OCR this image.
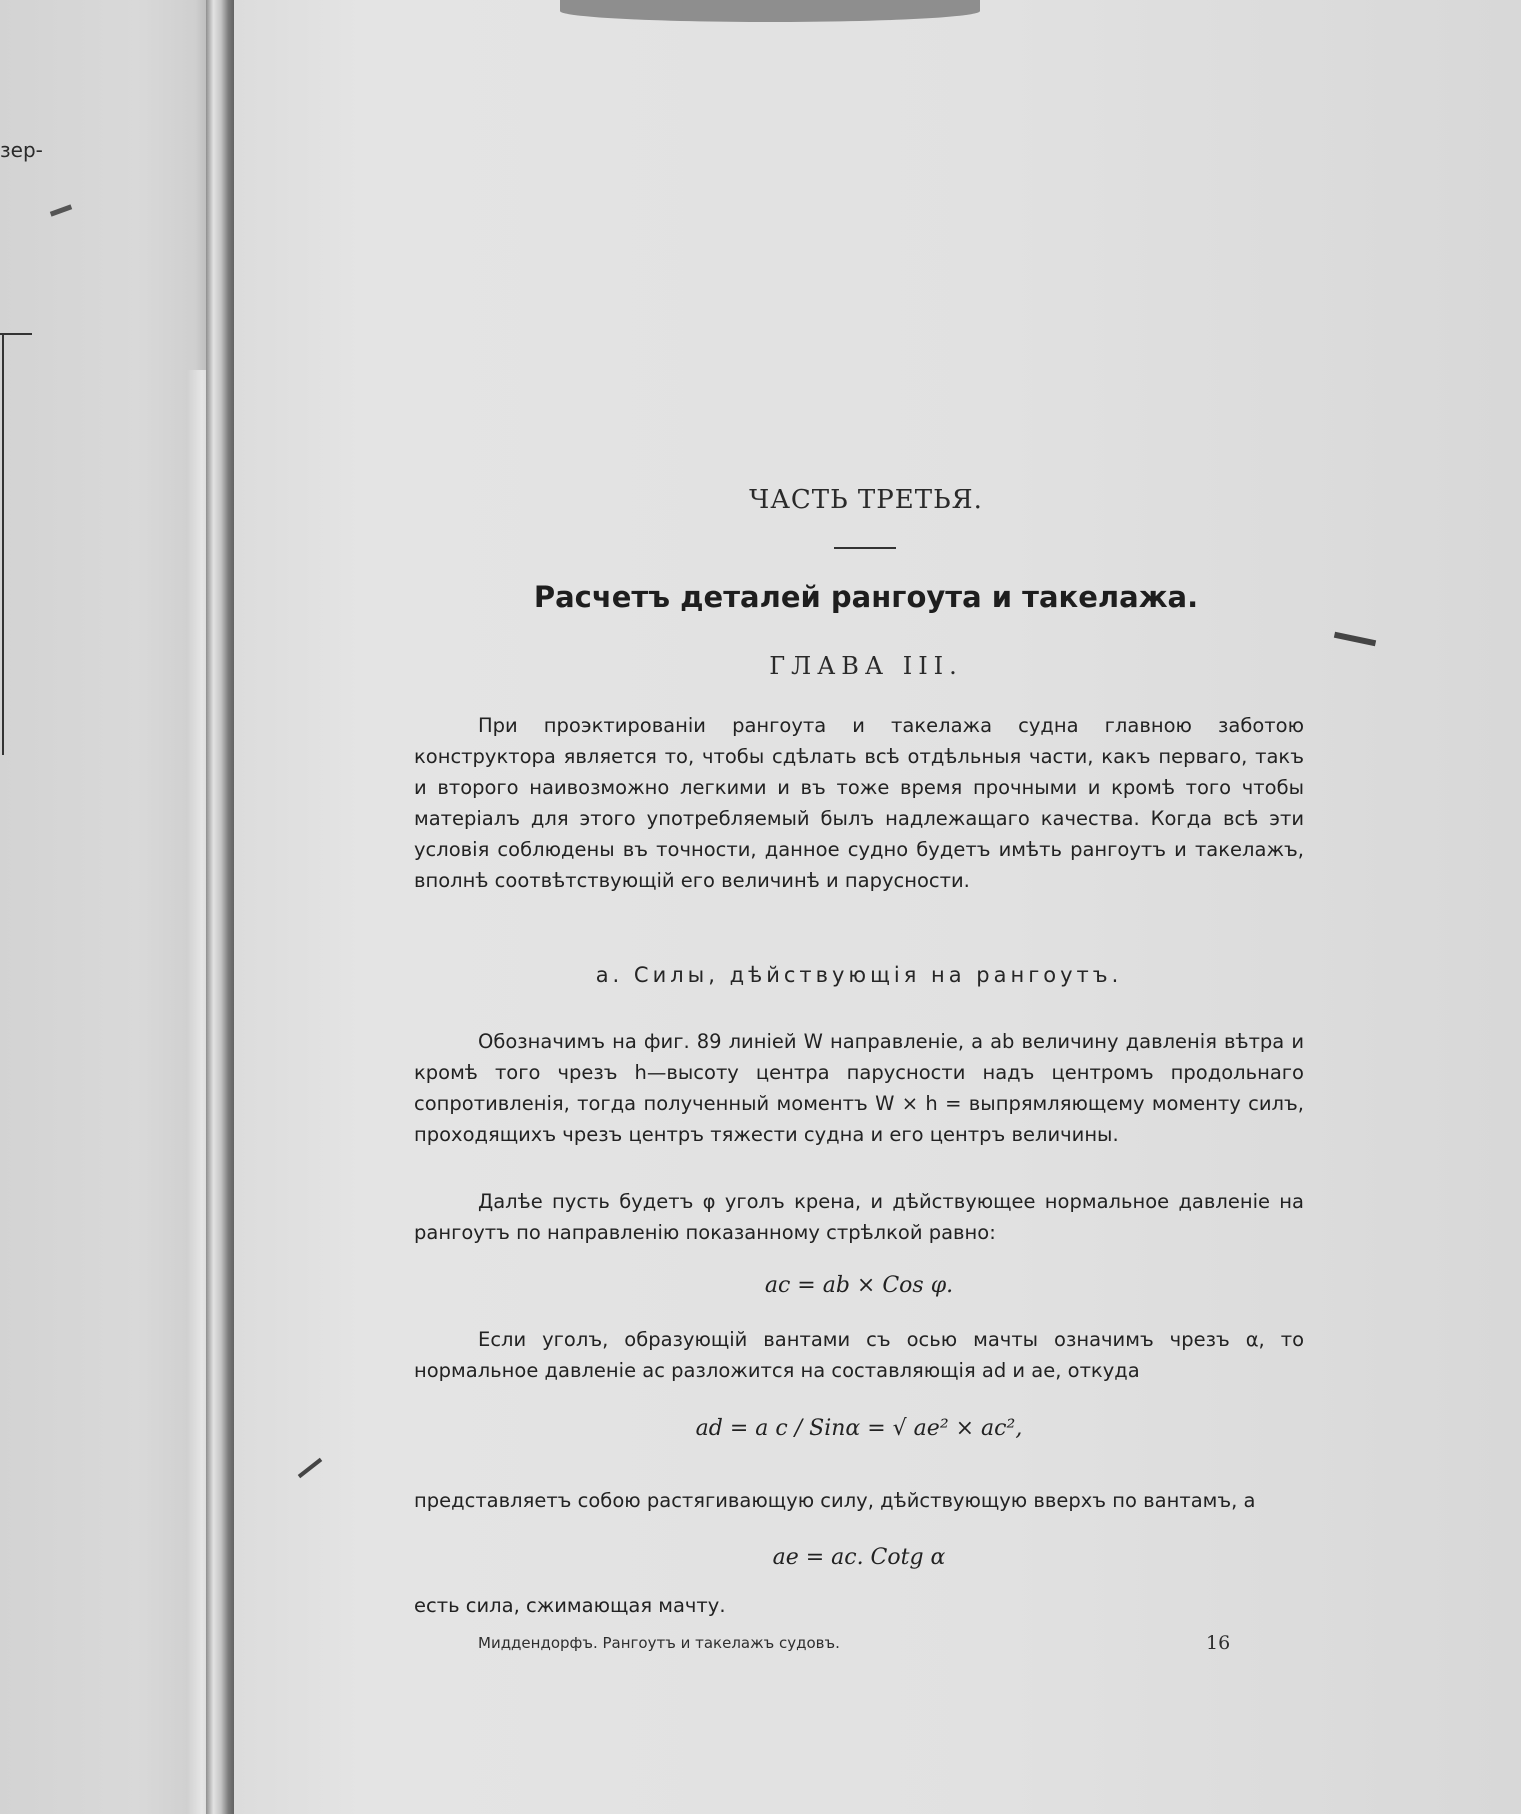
зер-
ЧАСТЬ ТРЕТЬЯ.
Расчетъ деталей рангоута и такелажа.
ГЛАВА III.
При проэктированіи рангоута и такелажа судна главною заботою конструктора является то, чтобы сдѣлать всѣ отдѣльныя части, какъ перваго, такъ и второго наивозможно легкими и въ тоже время прочными и кромѣ того чтобы матеріалъ для этого употребляемый былъ надлежащаго качества. Когда всѣ эти условія соблюдены въ точности, данное судно будетъ имѣть рангоутъ и такелажъ, вполнѣ соотвѣтствующій его величинѣ и парусности.
а. Силы, дѣйствующія на рангоутъ.
Обозначимъ на фиг. 89 линіей W направленіе, а ab величину давленія вѣтра и кромѣ того чрезъ h—высоту центра парусности надъ центромъ продольнаго сопротивленія, тогда полученный моментъ W × h = выпрямляющему моменту силъ, проходящихъ чрезъ центръ тяжести судна и его центръ величины.
Далѣе пусть будетъ φ уголъ крена, и дѣйствующее нормальное давленіе на рангоутъ по направленію показанному стрѣлкой равно:
ac = ab × Cos φ.
Если уголъ, образующій вантами съ осью мачты означимъ чрезъ α, то нормальное давленіе ac разложится на составляющія ad и ae, откуда
ad = a c / Sinα = √ ae² × ac²,
представляетъ собою растягивающую силу, дѣйствующую вверхъ по вантамъ, а
ae = ac. Cotg α
есть сила, сжимающая мачту.
Миддендорфъ. Рангоутъ и такелажъ судовъ.	16
